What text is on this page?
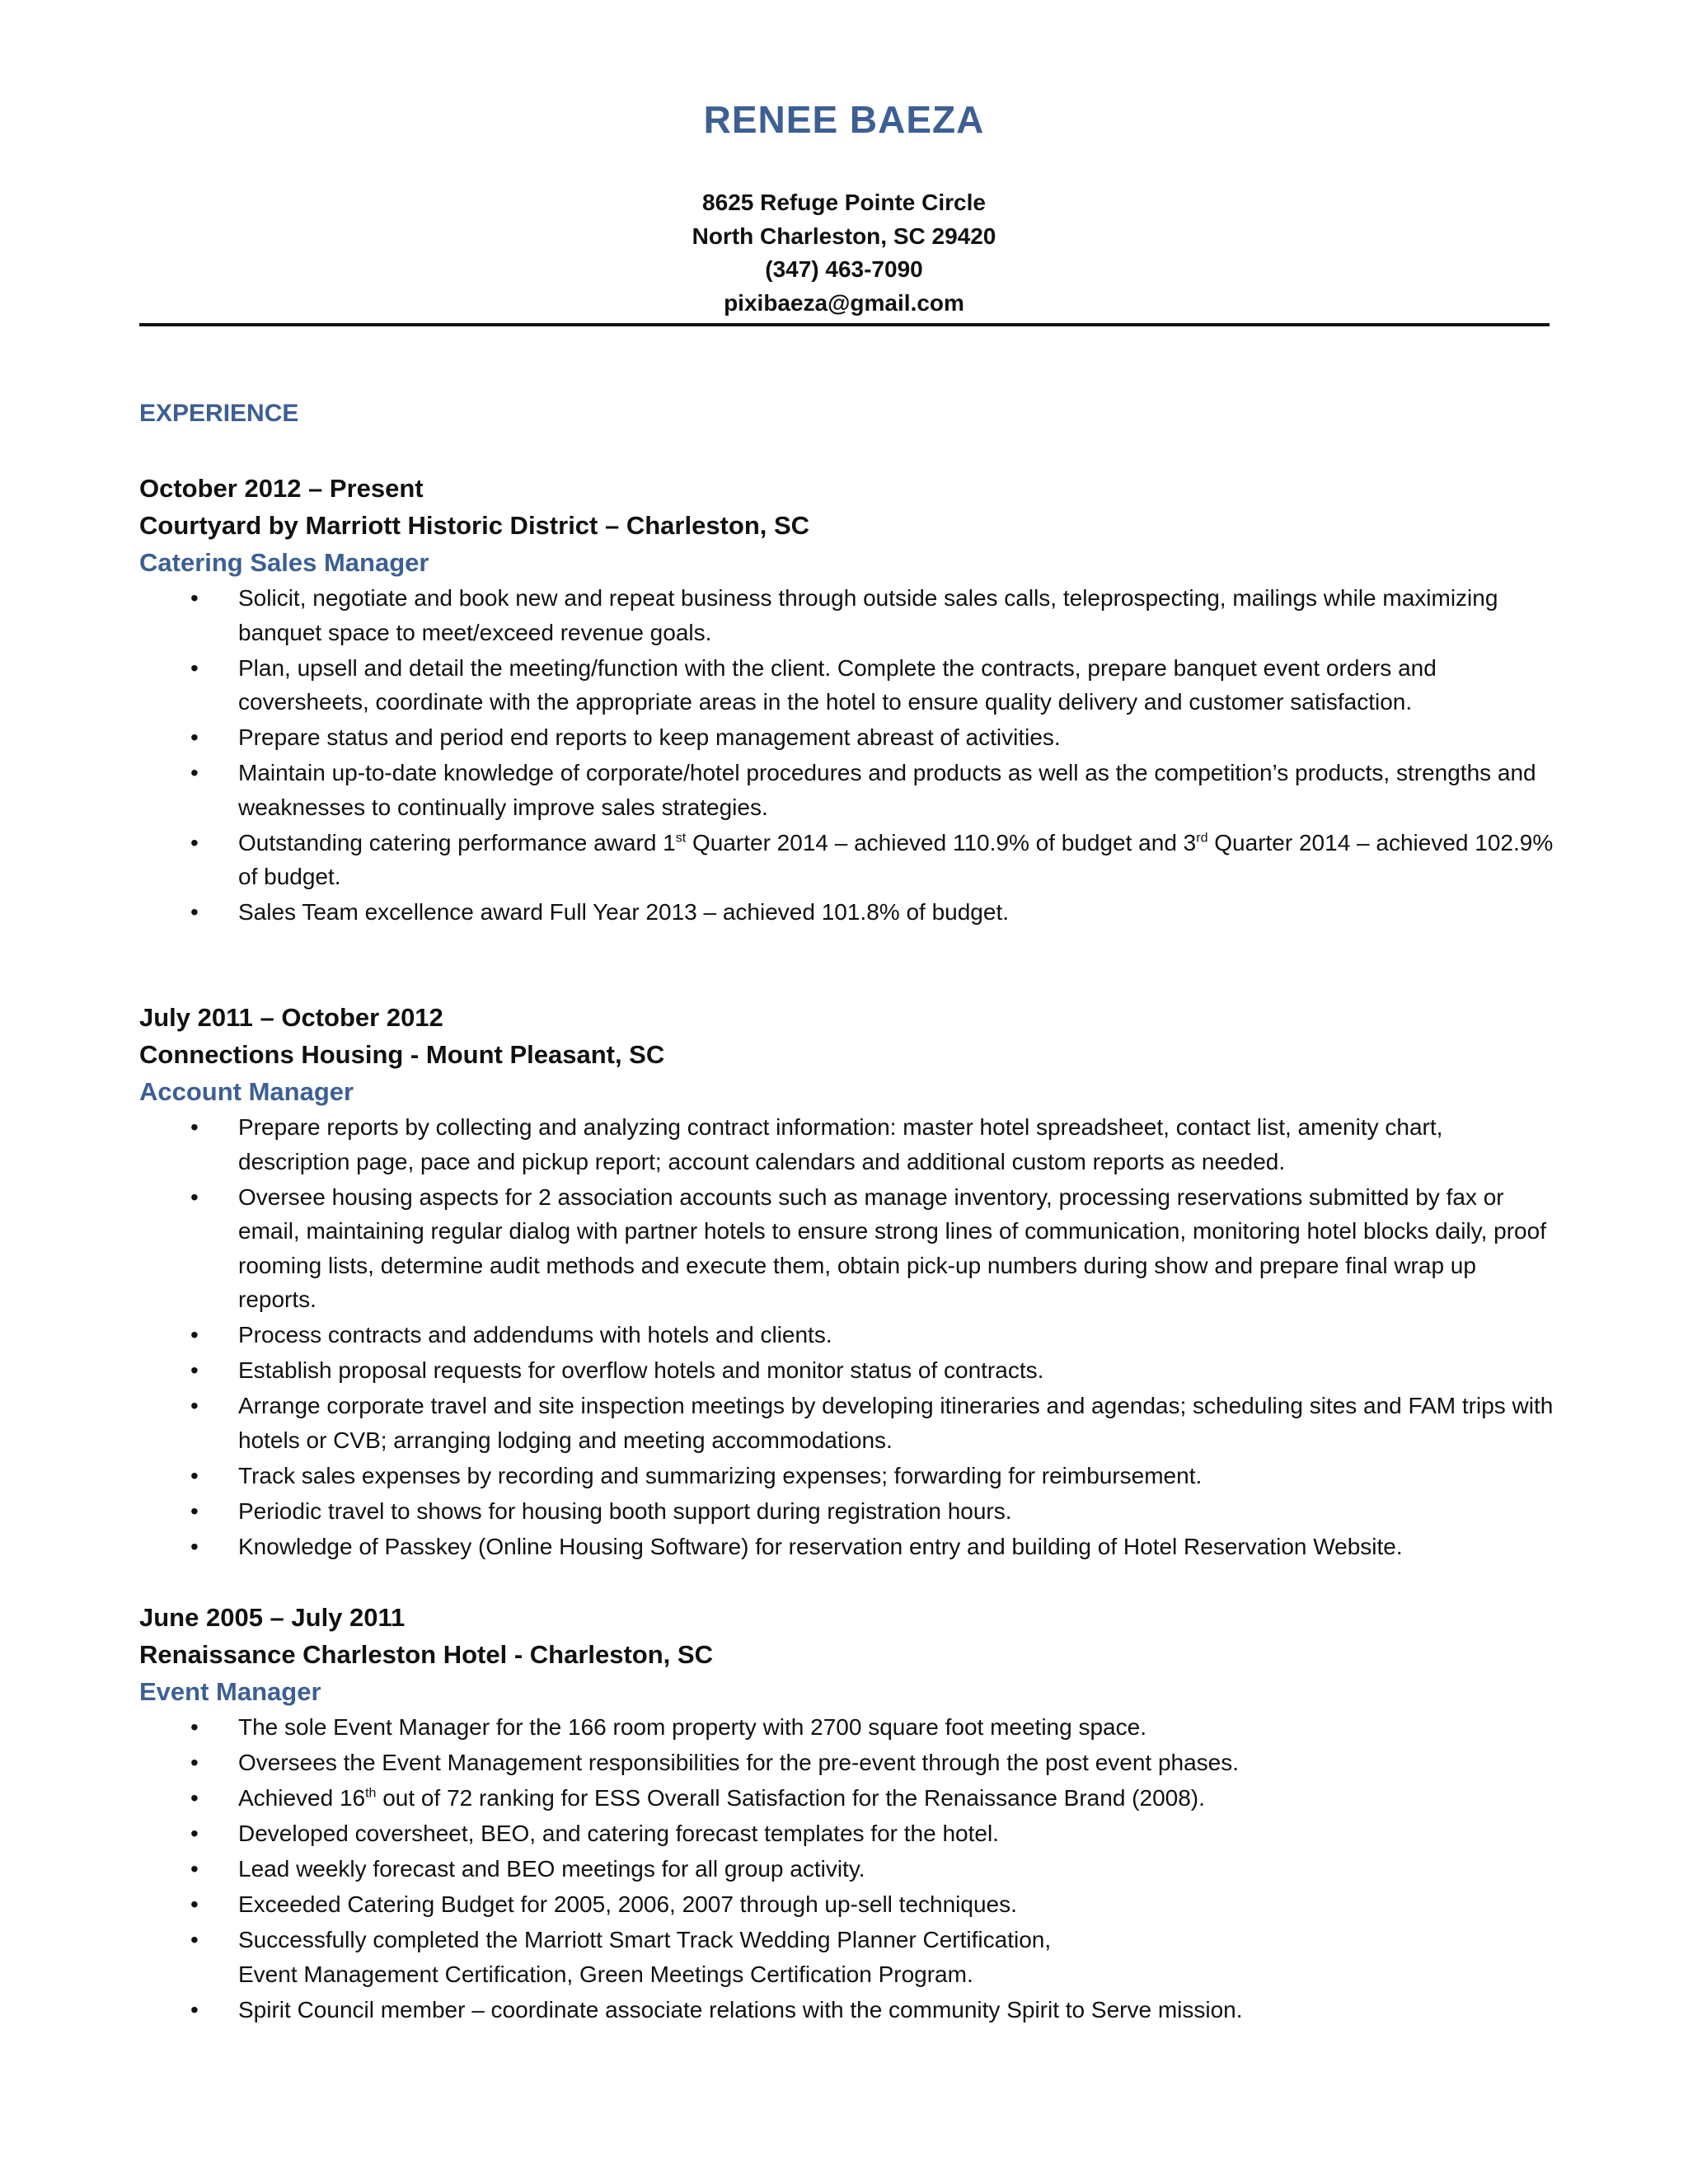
RENEE BAEZA
8625 Refuge Pointe Circle
North Charleston, SC 29420
(347) 463-7090
pixibaeza@gmail.com
EXPERIENCE
October 2012 – Present
Courtyard by Marriott Historic District – Charleston, SC
Catering Sales Manager
• Solicit, negotiate and book new and repeat business through outside sales calls, teleprospecting, mailings while maximizing banquet space to meet/exceed revenue goals.
• Plan, upsell and detail the meeting/function with the client. Complete the contracts, prepare banquet event orders and coversheets, coordinate with the appropriate areas in the hotel to ensure quality delivery and customer satisfaction.
• Prepare status and period end reports to keep management abreast of activities.
• Maintain up-to-date knowledge of corporate/hotel procedures and products as well as the competition’s products, strengths and weaknesses to continually improve sales strategies.
• Outstanding catering performance award 1st Quarter 2014 – achieved 110.9% of budget and 3rd Quarter 2014 – achieved 102.9% of budget.
• Sales Team excellence award Full Year 2013 – achieved 101.8% of budget.
July 2011 – October 2012
Connections Housing - Mount Pleasant, SC
Account Manager
• Prepare reports by collecting and analyzing contract information: master hotel spreadsheet, contact list, amenity chart, description page, pace and pickup report; account calendars and additional custom reports as needed.
• Oversee housing aspects for 2 association accounts such as manage inventory, processing reservations submitted by fax or email, maintaining regular dialog with partner hotels to ensure strong lines of communication, monitoring hotel blocks daily, proof rooming lists, determine audit methods and execute them, obtain pick-up numbers during show and prepare final wrap up reports.
• Process contracts and addendums with hotels and clients.
• Establish proposal requests for overflow hotels and monitor status of contracts.
• Arrange corporate travel and site inspection meetings by developing itineraries and agendas; scheduling sites and FAM trips with hotels or CVB; arranging lodging and meeting accommodations.
• Track sales expenses by recording and summarizing expenses; forwarding for reimbursement.
• Periodic travel to shows for housing booth support during registration hours.
• Knowledge of Passkey (Online Housing Software) for reservation entry and building of Hotel Reservation Website.
June 2005 – July 2011
Renaissance Charleston Hotel - Charleston, SC
Event Manager
• The sole Event Manager for the 166 room property with 2700 square foot meeting space.
• Oversees the Event Management responsibilities for the pre-event through the post event phases.
• Achieved 16th out of 72 ranking for ESS Overall Satisfaction for the Renaissance Brand (2008).
• Developed coversheet, BEO, and catering forecast templates for the hotel.
• Lead weekly forecast and BEO meetings for all group activity.
• Exceeded Catering Budget for 2005, 2006, 2007 through up-sell techniques.
• Successfully completed the Marriott Smart Track Wedding Planner Certification,
Event Management Certification, Green Meetings Certification Program.
• Spirit Council member – coordinate associate relations with the community Spirit to Serve mission.
